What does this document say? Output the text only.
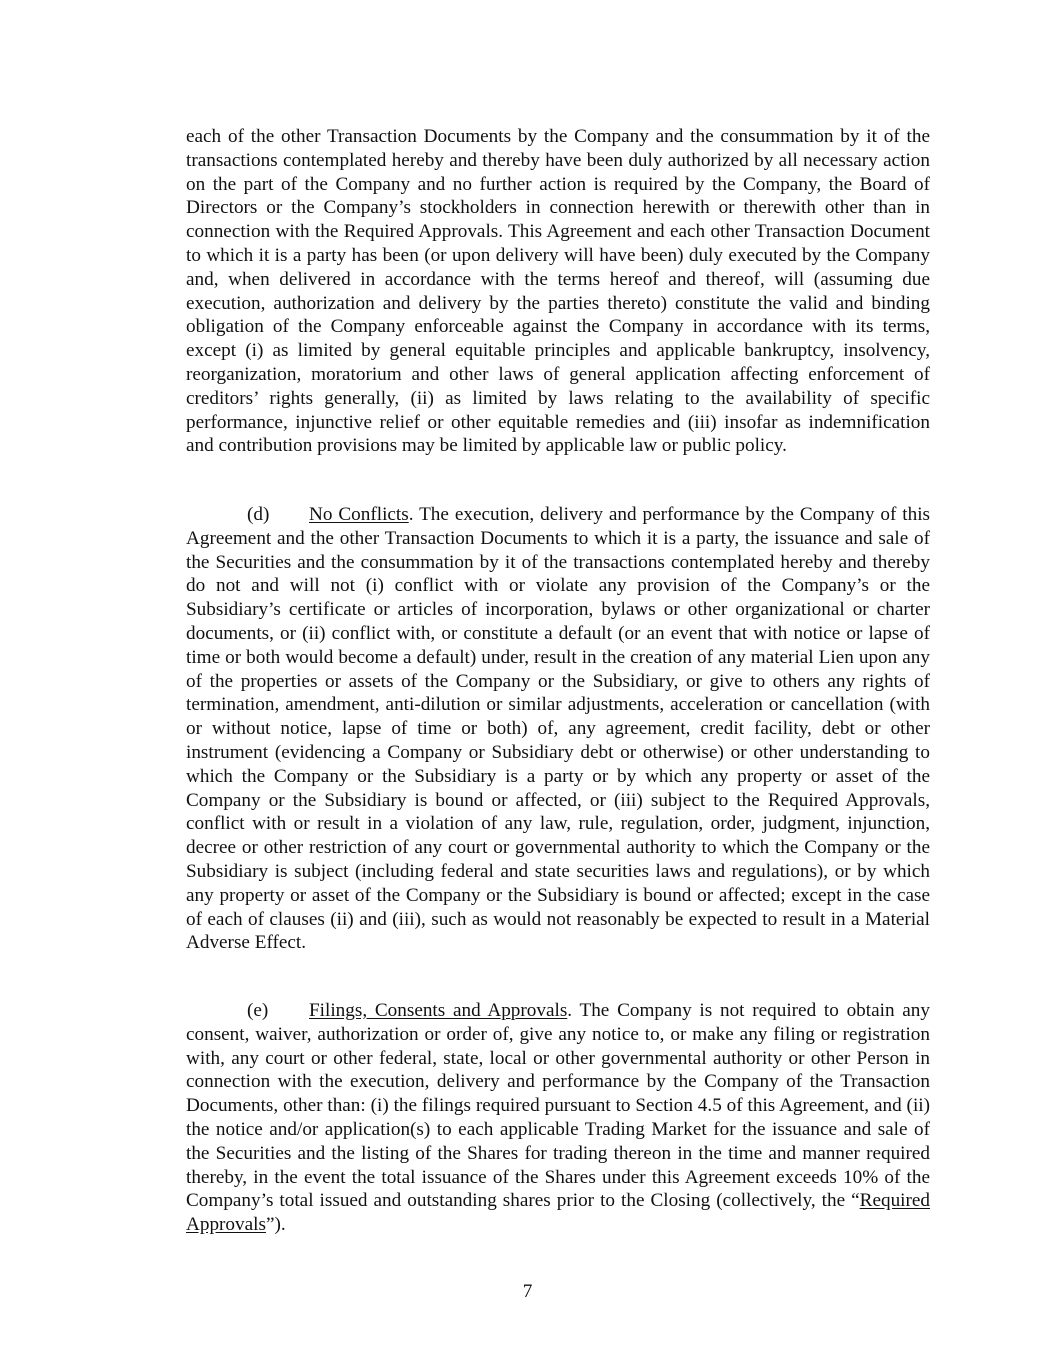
each of the other Transaction Documents by the Company and the consummation by it of the transactions contemplated hereby and thereby have been duly authorized by all necessary action on the part of the Company and no further action is required by the Company, the Board of Directors or the Company’s stockholders in connection herewith or therewith other than in connection with the Required Approvals. This Agreement and each other Transaction Document to which it is a party has been (or upon delivery will have been) duly executed by the Company and, when delivered in accordance with the terms hereof and thereof, will (assuming due execution, authorization and delivery by the parties thereto) constitute the valid and binding obligation of the Company enforceable against the Company in accordance with its terms, except (i) as limited by general equitable principles and applicable bankruptcy, insolvency, reorganization, moratorium and other laws of general application affecting enforcement of creditors’ rights generally, (ii) as limited by laws relating to the availability of specific performance, injunctive relief or other equitable remedies and (iii) insofar as indemnification and contribution provisions may be limited by applicable law or public policy.

(d) No Conflicts. The execution, delivery and performance by the Company of this Agreement and the other Transaction Documents to which it is a party, the issuance and sale of the Securities and the consummation by it of the transactions contemplated hereby and thereby do not and will not (i) conflict with or violate any provision of the Company’s or the Subsidiary’s certificate or articles of incorporation, bylaws or other organizational or charter documents, or (ii) conflict with, or constitute a default (or an event that with notice or lapse of time or both would become a default) under, result in the creation of any material Lien upon any of the properties or assets of the Company or the Subsidiary, or give to others any rights of termination, amendment, anti-dilution or similar adjustments, acceleration or cancellation (with or without notice, lapse of time or both) of, any agreement, credit facility, debt or other instrument (evidencing a Company or Subsidiary debt or otherwise) or other understanding to which the Company or the Subsidiary is a party or by which any property or asset of the Company or the Subsidiary is bound or affected, or (iii) subject to the Required Approvals, conflict with or result in a violation of any law, rule, regulation, order, judgment, injunction, decree or other restriction of any court or governmental authority to which the Company or the Subsidiary is subject (including federal and state securities laws and regulations), or by which any property or asset of the Company or the Subsidiary is bound or affected; except in the case of each of clauses (ii) and (iii), such as would not reasonably be expected to result in a Material Adverse Effect.

(e) Filings, Consents and Approvals. The Company is not required to obtain any consent, waiver, authorization or order of, give any notice to, or make any filing or registration with, any court or other federal, state, local or other governmental authority or other Person in connection with the execution, delivery and performance by the Company of the Transaction Documents, other than: (i) the filings required pursuant to Section 4.5 of this Agreement, and (ii) the notice and/or application(s) to each applicable Trading Market for the issuance and sale of the Securities and the listing of the Shares for trading thereon in the time and manner required thereby, in the event the total issuance of the Shares under this Agreement exceeds 10% of the Company’s total issued and outstanding shares prior to the Closing (collectively, the “Required Approvals”).

7
